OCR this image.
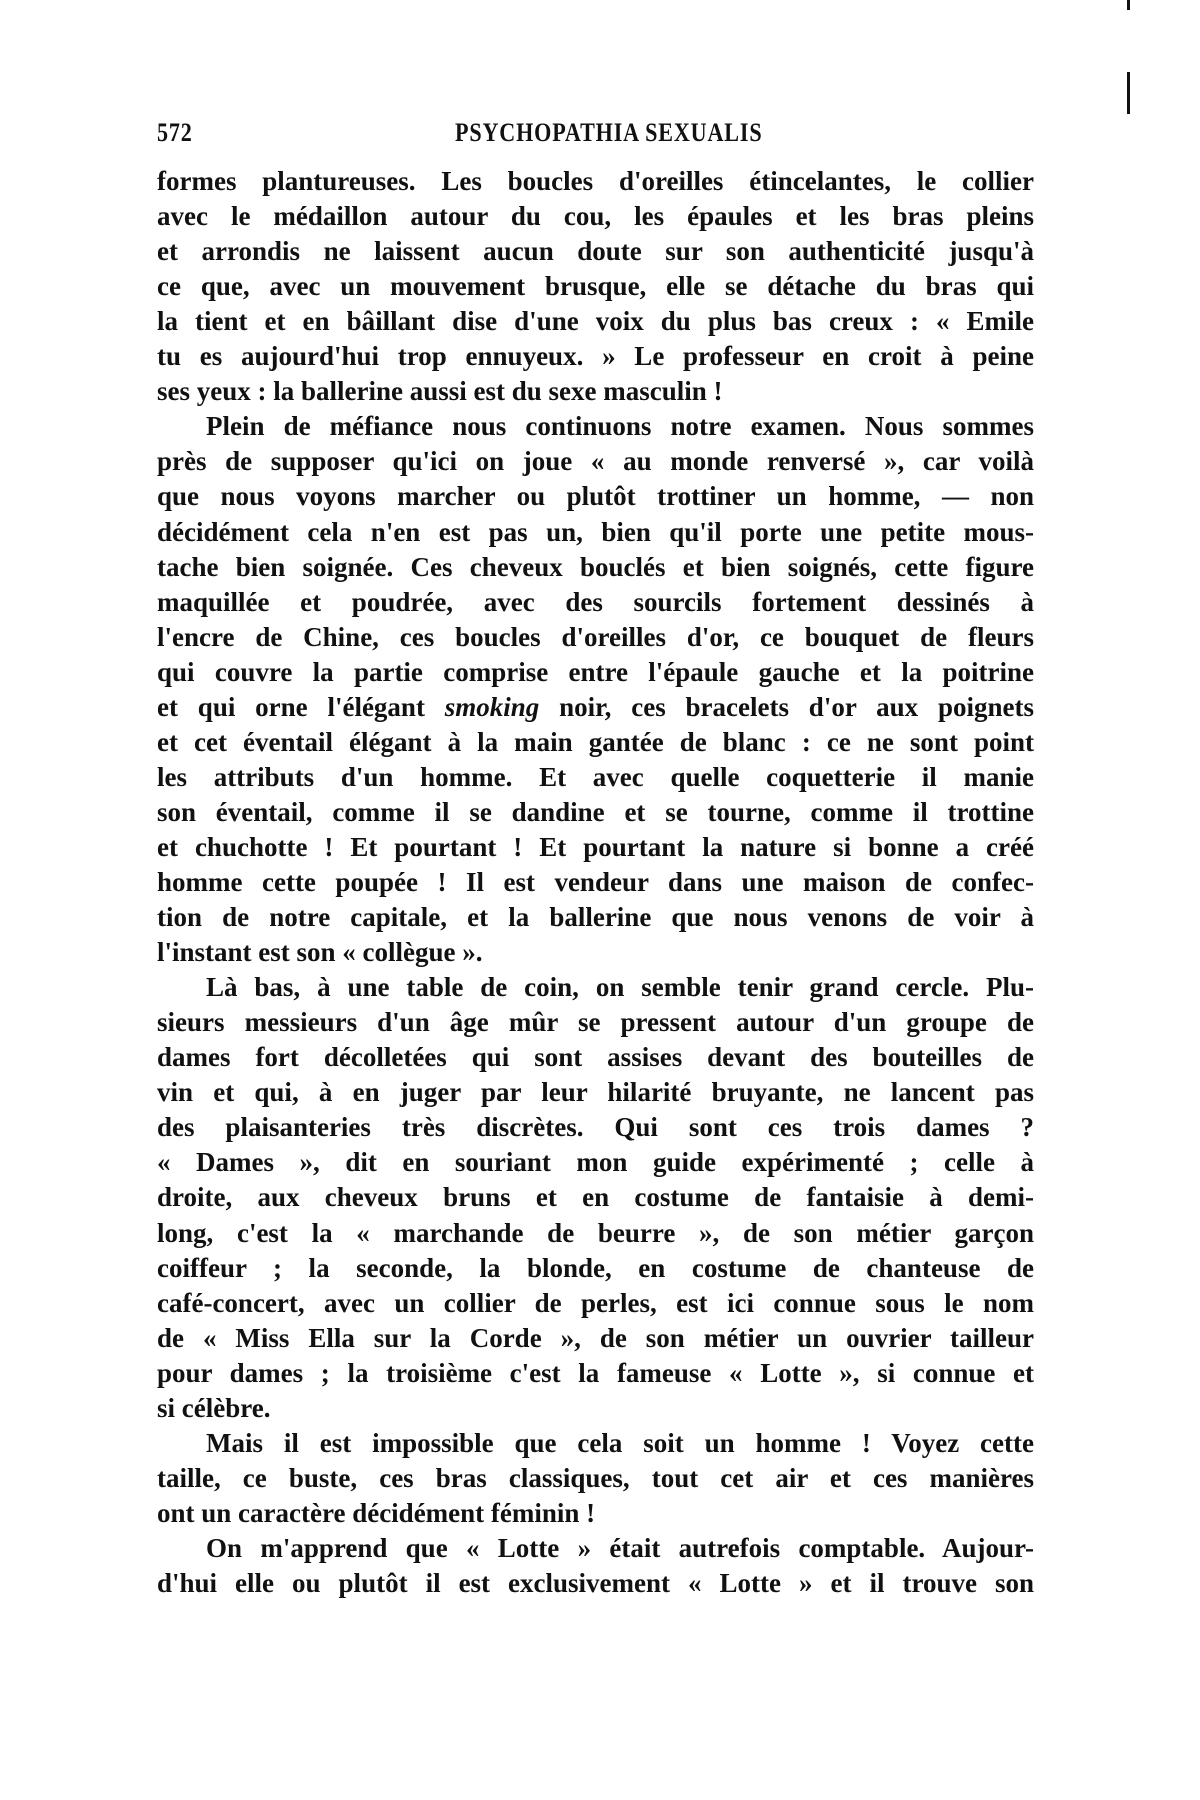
572	PSYCHOPATHIA SEXUALIS
formes plantureuses. Les boucles d'oreilles étincelantes, le collier
avec le médaillon autour du cou, les épaules et les bras pleins
et arrondis ne laissent aucun doute sur son authenticité jusqu'à
ce que, avec un mouvement brusque, elle se détache du bras qui
la tient et en bâillant dise d'une voix du plus bas creux : « Emile
tu es aujourd'hui trop ennuyeux. » Le professeur en croit à peine
ses yeux : la ballerine aussi est du sexe masculin !
Plein de méfiance nous continuons notre examen. Nous sommes
près de supposer qu'ici on joue « au monde renversé », car voilà
que nous voyons marcher ou plutôt trottiner un homme, — non
décidément cela n'en est pas un, bien qu'il porte une petite mous-
tache bien soignée. Ces cheveux bouclés et bien soignés, cette figure
maquillée et poudrée, avec des sourcils fortement dessinés à
l'encre de Chine, ces boucles d'oreilles d'or, ce bouquet de fleurs
qui couvre la partie comprise entre l'épaule gauche et la poitrine
et qui orne l'élégant smoking noir, ces bracelets d'or aux poignets
et cet éventail élégant à la main gantée de blanc : ce ne sont point
les attributs d'un homme. Et avec quelle coquetterie il manie
son éventail, comme il se dandine et se tourne, comme il trottine
et chuchotte ! Et pourtant ! Et pourtant la nature si bonne a créé
homme cette poupée ! Il est vendeur dans une maison de confec-
tion de notre capitale, et la ballerine que nous venons de voir à
l'instant est son « collègue ».
Là bas, à une table de coin, on semble tenir grand cercle. Plu-
sieurs messieurs d'un âge mûr se pressent autour d'un groupe de
dames fort décolletées qui sont assises devant des bouteilles de
vin et qui, à en juger par leur hilarité bruyante, ne lancent pas
des plaisanteries très discrètes. Qui sont ces trois dames ?
« Dames », dit en souriant mon guide expérimenté ; celle à
droite, aux cheveux bruns et en costume de fantaisie à demi-
long, c'est la « marchande de beurre », de son métier garçon
coiffeur ; la seconde, la blonde, en costume de chanteuse de
café-concert, avec un collier de perles, est ici connue sous le nom
de « Miss Ella sur la Corde », de son métier un ouvrier tailleur
pour dames ; la troisième c'est la fameuse « Lotte », si connue et
si célèbre.
Mais il est impossible que cela soit un homme ! Voyez cette
taille, ce buste, ces bras classiques, tout cet air et ces manières
ont un caractère décidément féminin !
On m'apprend que « Lotte » était autrefois comptable. Aujour-
d'hui elle ou plutôt il est exclusivement « Lotte » et il trouve son
